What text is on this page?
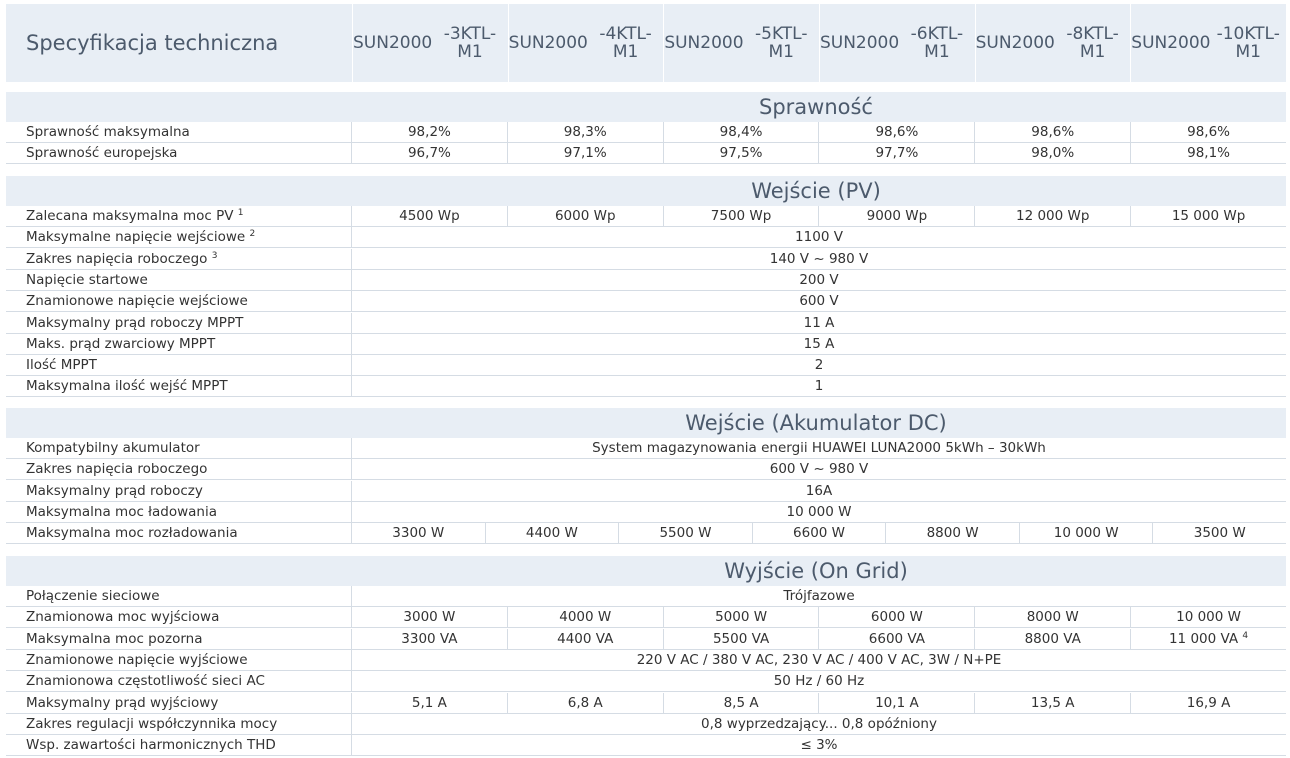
Specyfikacja techniczna	SUN2000 -3KTL-M1	SUN2000 -4KTL-M1	SUN2000 -5KTL-M1	SUN2000 -6KTL-M1	SUN2000 -8KTL-M1	SUN2000 -10KTL-M1
Sprawność
Sprawność maksymalna	98,2%	98,3%	98,4%	98,6%	98,6%	98,6%
Sprawność europejska	96,7%	97,1%	97,5%	97,7%	98,0%	98,1%
Wejście (PV)
Zalecana maksymalna moc PV $^1$	4500 Wp	6000 Wp	7500 Wp	9000 Wp	12 000 Wp	15 000 Wp
Maksymalne napięcie wejściowe $^2$	1100 V
Zakres napięcia roboczego $^3$	140 V ~ 980 V
Napięcie startowe	200 V
Znamionowe napięcie wejściowe	600 V
Maksymalny prąd roboczy MPPT	11 A
Maks. prąd zwarciowy MPPT	15 A
Ilość MPPT	2
Maksymalna ilość wejść MPPT	1
Wejście (Akumulator DC)
Kompatybilny akumulator	System magazynowania energii HUAWEI LUNA2000 5kWh – 30kWh
Zakres napięcia roboczego	600 V ~ 980 V
Maksymalny prąd roboczy	16A
Maksymalna moc ładowania	10 000 W
Maksymalna moc rozładowania	3300 W	4400 W	5500 W	6600 W	8800 W	10 000 W	3500 W
Wyjście (On Grid)
Połączenie sieciowe	Trójfazowe
Znamionowa moc wyjściowa	3000 W	4000 W	5000 W	6000 W	8000 W	10 000 W
Maksymalna moc pozorna	3300 VA	4400 VA	5500 VA	6600 VA	8800 VA	11 000 VA $^4$
Znamionowe napięcie wyjściowe	220 V AC / 380 V AC, 230 V AC / 400 V AC, 3W / N+PE
Znamionowa częstotliwość sieci AC	50 Hz / 60 Hz
Maksymalny prąd wyjściowy	5,1 A	6,8 A	8,5 A	10,1 A	13,5 A	16,9 A
Zakres regulacji współczynnika mocy	0,8 wyprzedzający... 0,8 opóźniony
Wsp. zawartości harmonicznych THD	≤ 3%
